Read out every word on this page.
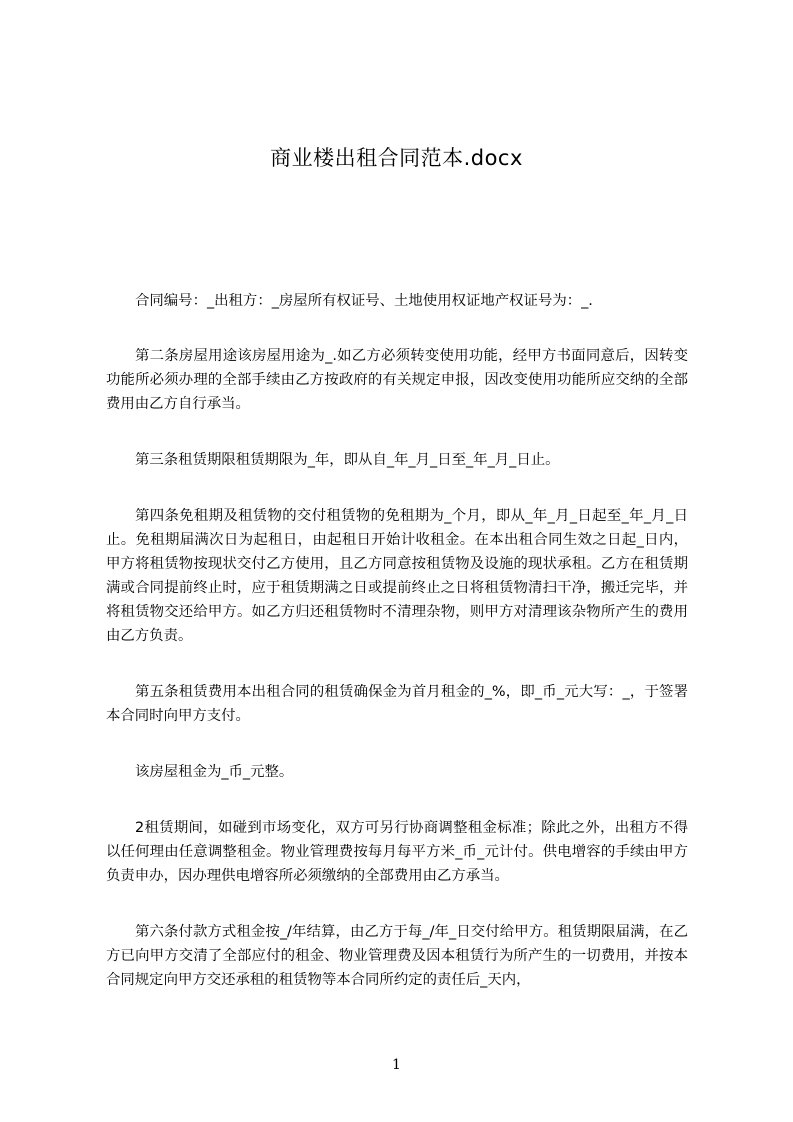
商业楼出租合同范本.docx

合同编号：_出租方：_房屋所有权证号、土地使用权证地产权证号为：_.

第二条房屋用途该房屋用途为_.如乙方必须转变使用功能，经甲方书面同意后，因转变功能所必须办理的全部手续由乙方按政府的有关规定申报，因改变使用功能所应交纳的全部费用由乙方自行承当。

第三条租赁期限租赁期限为_年，即从自_年_月_日至_年_月_日止。

第四条免租期及租赁物的交付租赁物的免租期为_个月，即从_年_月_日起至_年_月_日止。免租期届满次日为起租日，由起租日开始计收租金。在本出租合同生效之日起_日内，甲方将租赁物按现状交付乙方使用，且乙方同意按租赁物及设施的现状承租。乙方在租赁期满或合同提前终止时，应于租赁期满之日或提前终止之日将租赁物清扫干净，搬迁完毕，并将租赁物交还给甲方。如乙方归还租赁物时不清理杂物，则甲方对清理该杂物所产生的费用由乙方负责。

第五条租赁费用本出租合同的租赁确保金为首月租金的_%，即_币_元大写：_，于签署本合同时向甲方支付。

该房屋租金为_币_元整。

2租赁期间，如碰到市场变化，双方可另行协商调整租金标准；除此之外，出租方不得以任何理由任意调整租金。物业管理费按每月每平方米_币_元计付。供电增容的手续由甲方负责申办，因办理供电增容所必须缴纳的全部费用由乙方承当。

第六条付款方式租金按_/年结算，由乙方于每_/年_日交付给甲方。租赁期限届满，在乙方已向甲方交清了全部应付的租金、物业管理费及因本租赁行为所产生的一切费用，并按本合同规定向甲方交还承租的租赁物等本合同所约定的责任后_天内，

1
